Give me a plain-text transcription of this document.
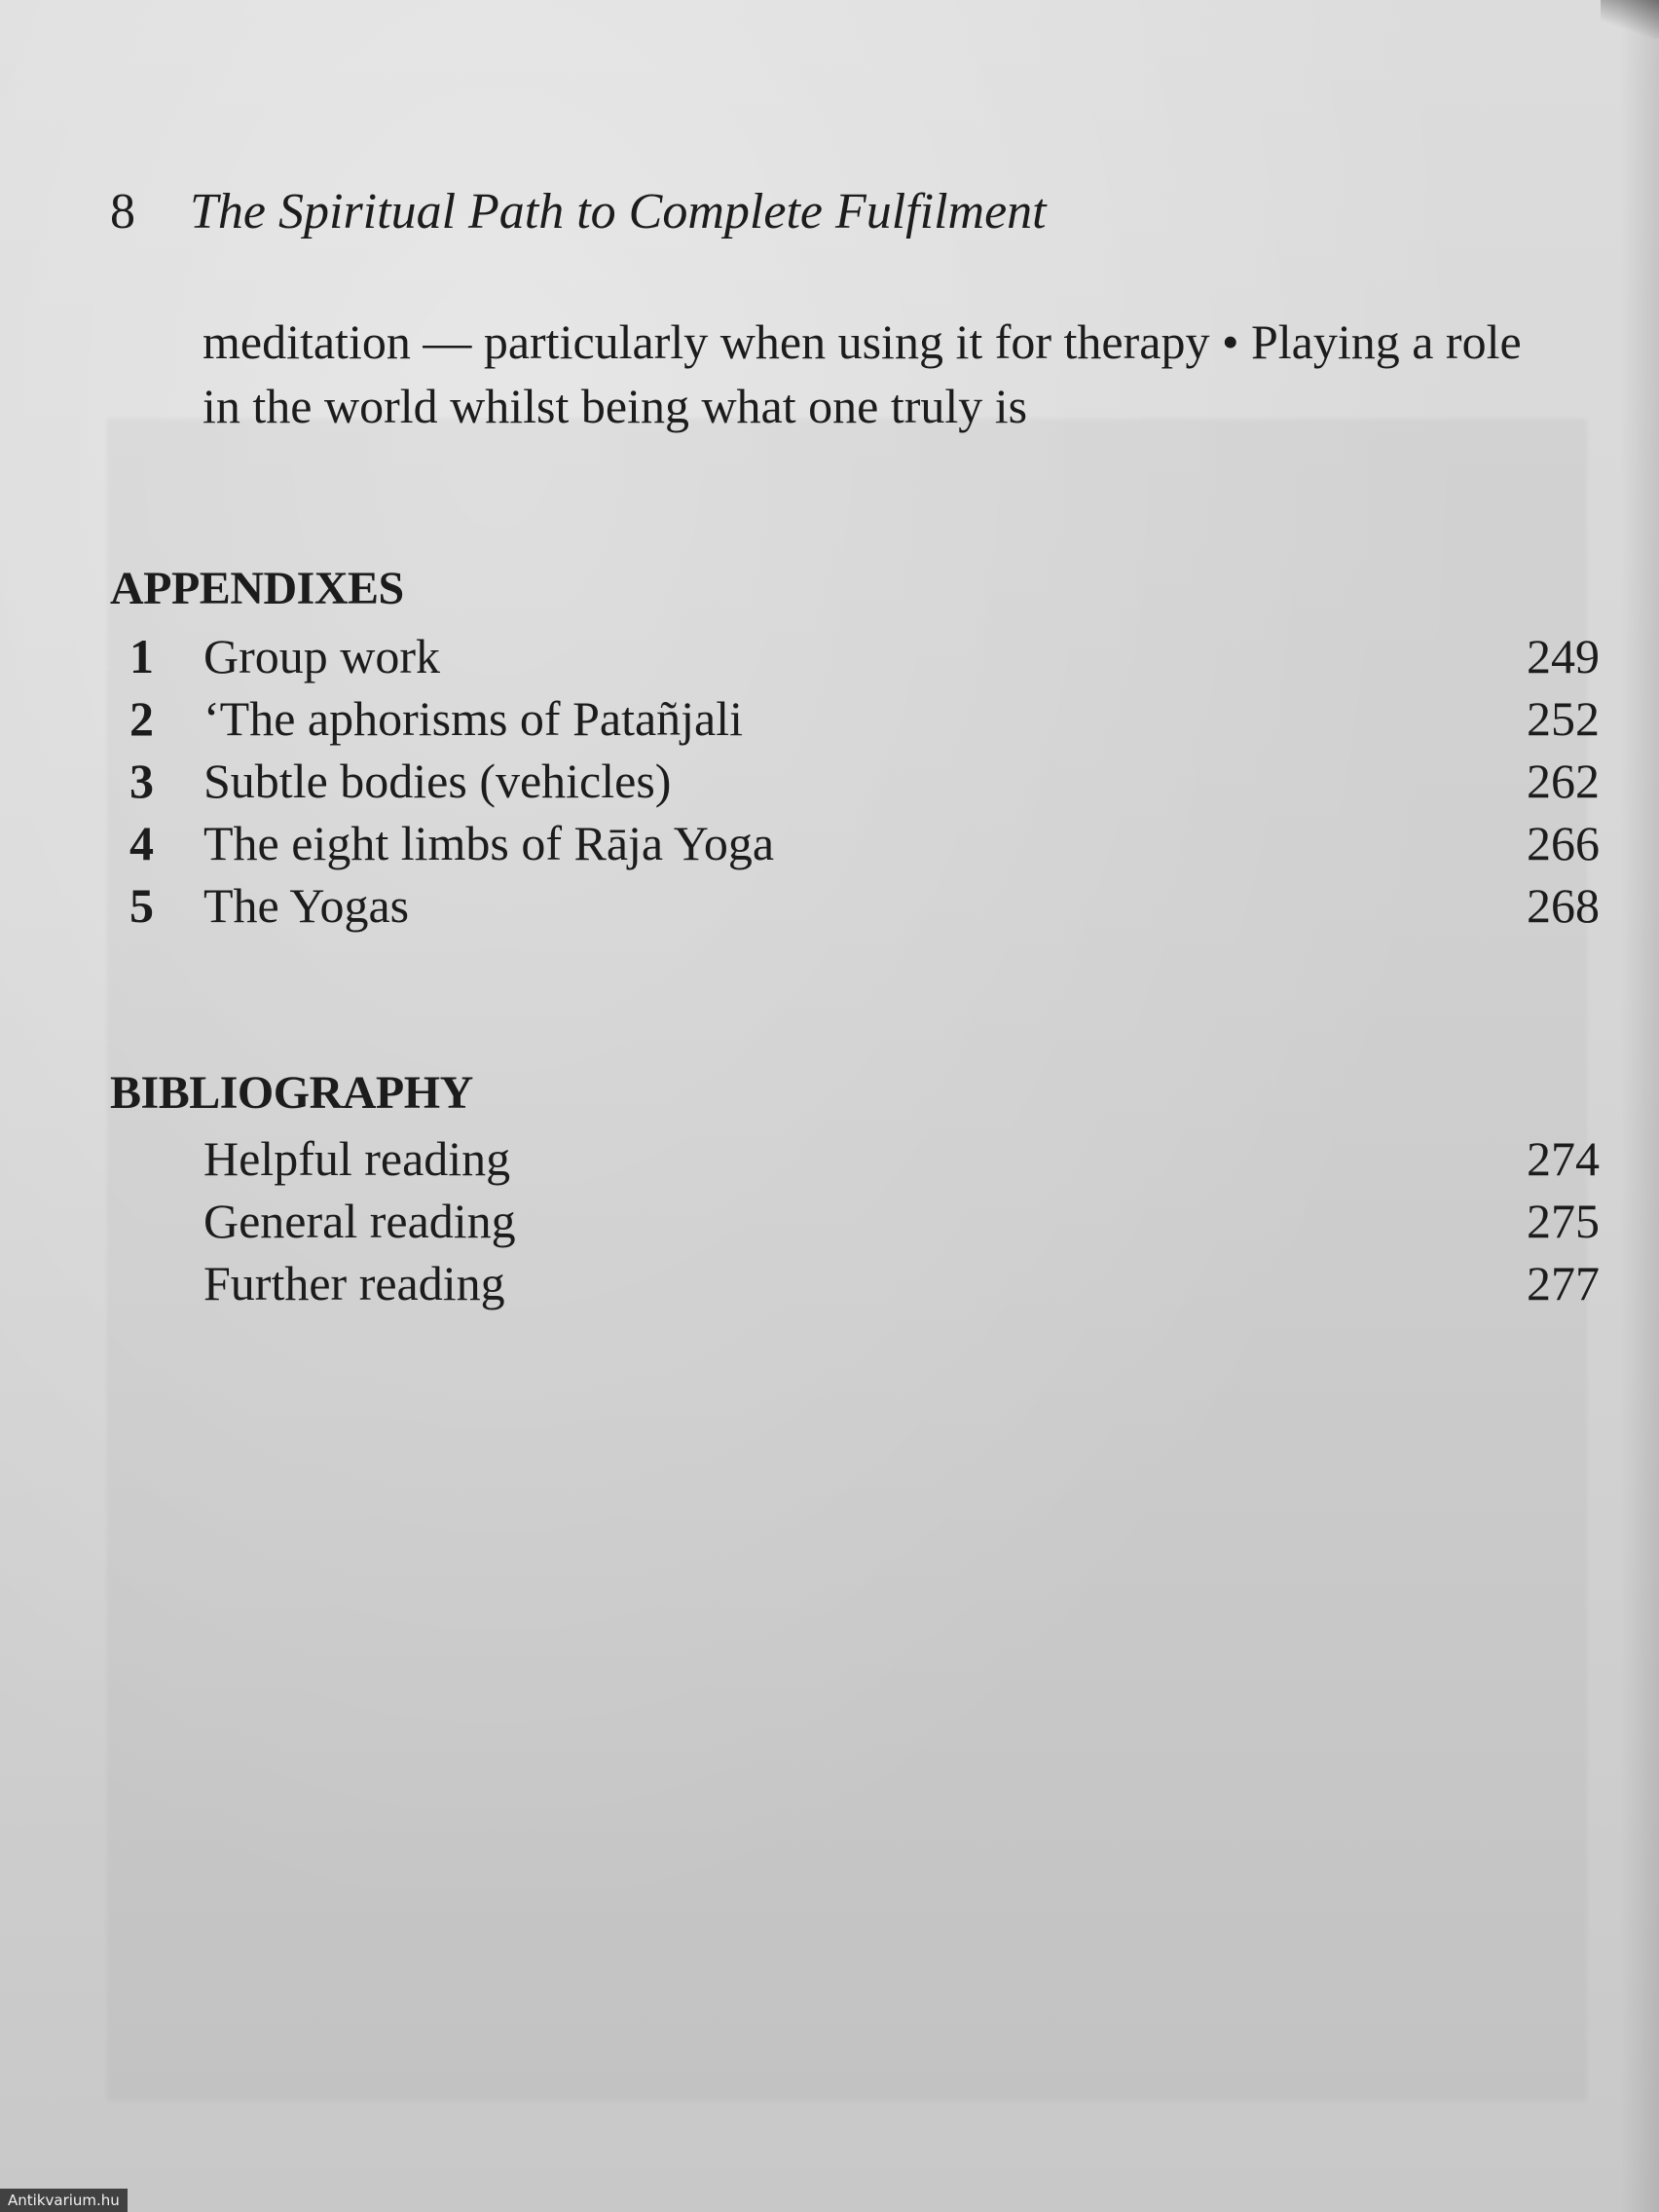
8 The Spiritual Path to Complete Fulfilment
meditation — particularly when using it for therapy • Playing a role
in the world whilst being what one truly is
APPENDIXES
1	Group work	249
2	‘The aphorisms of Patañjali	252
3	Subtle bodies (vehicles)	262
4	The eight limbs of Rāja Yoga	266
5	The Yogas	268
BIBLIOGRAPHY
Helpful reading	274
General reading	275
Further reading	277
Antikvarium.hu
